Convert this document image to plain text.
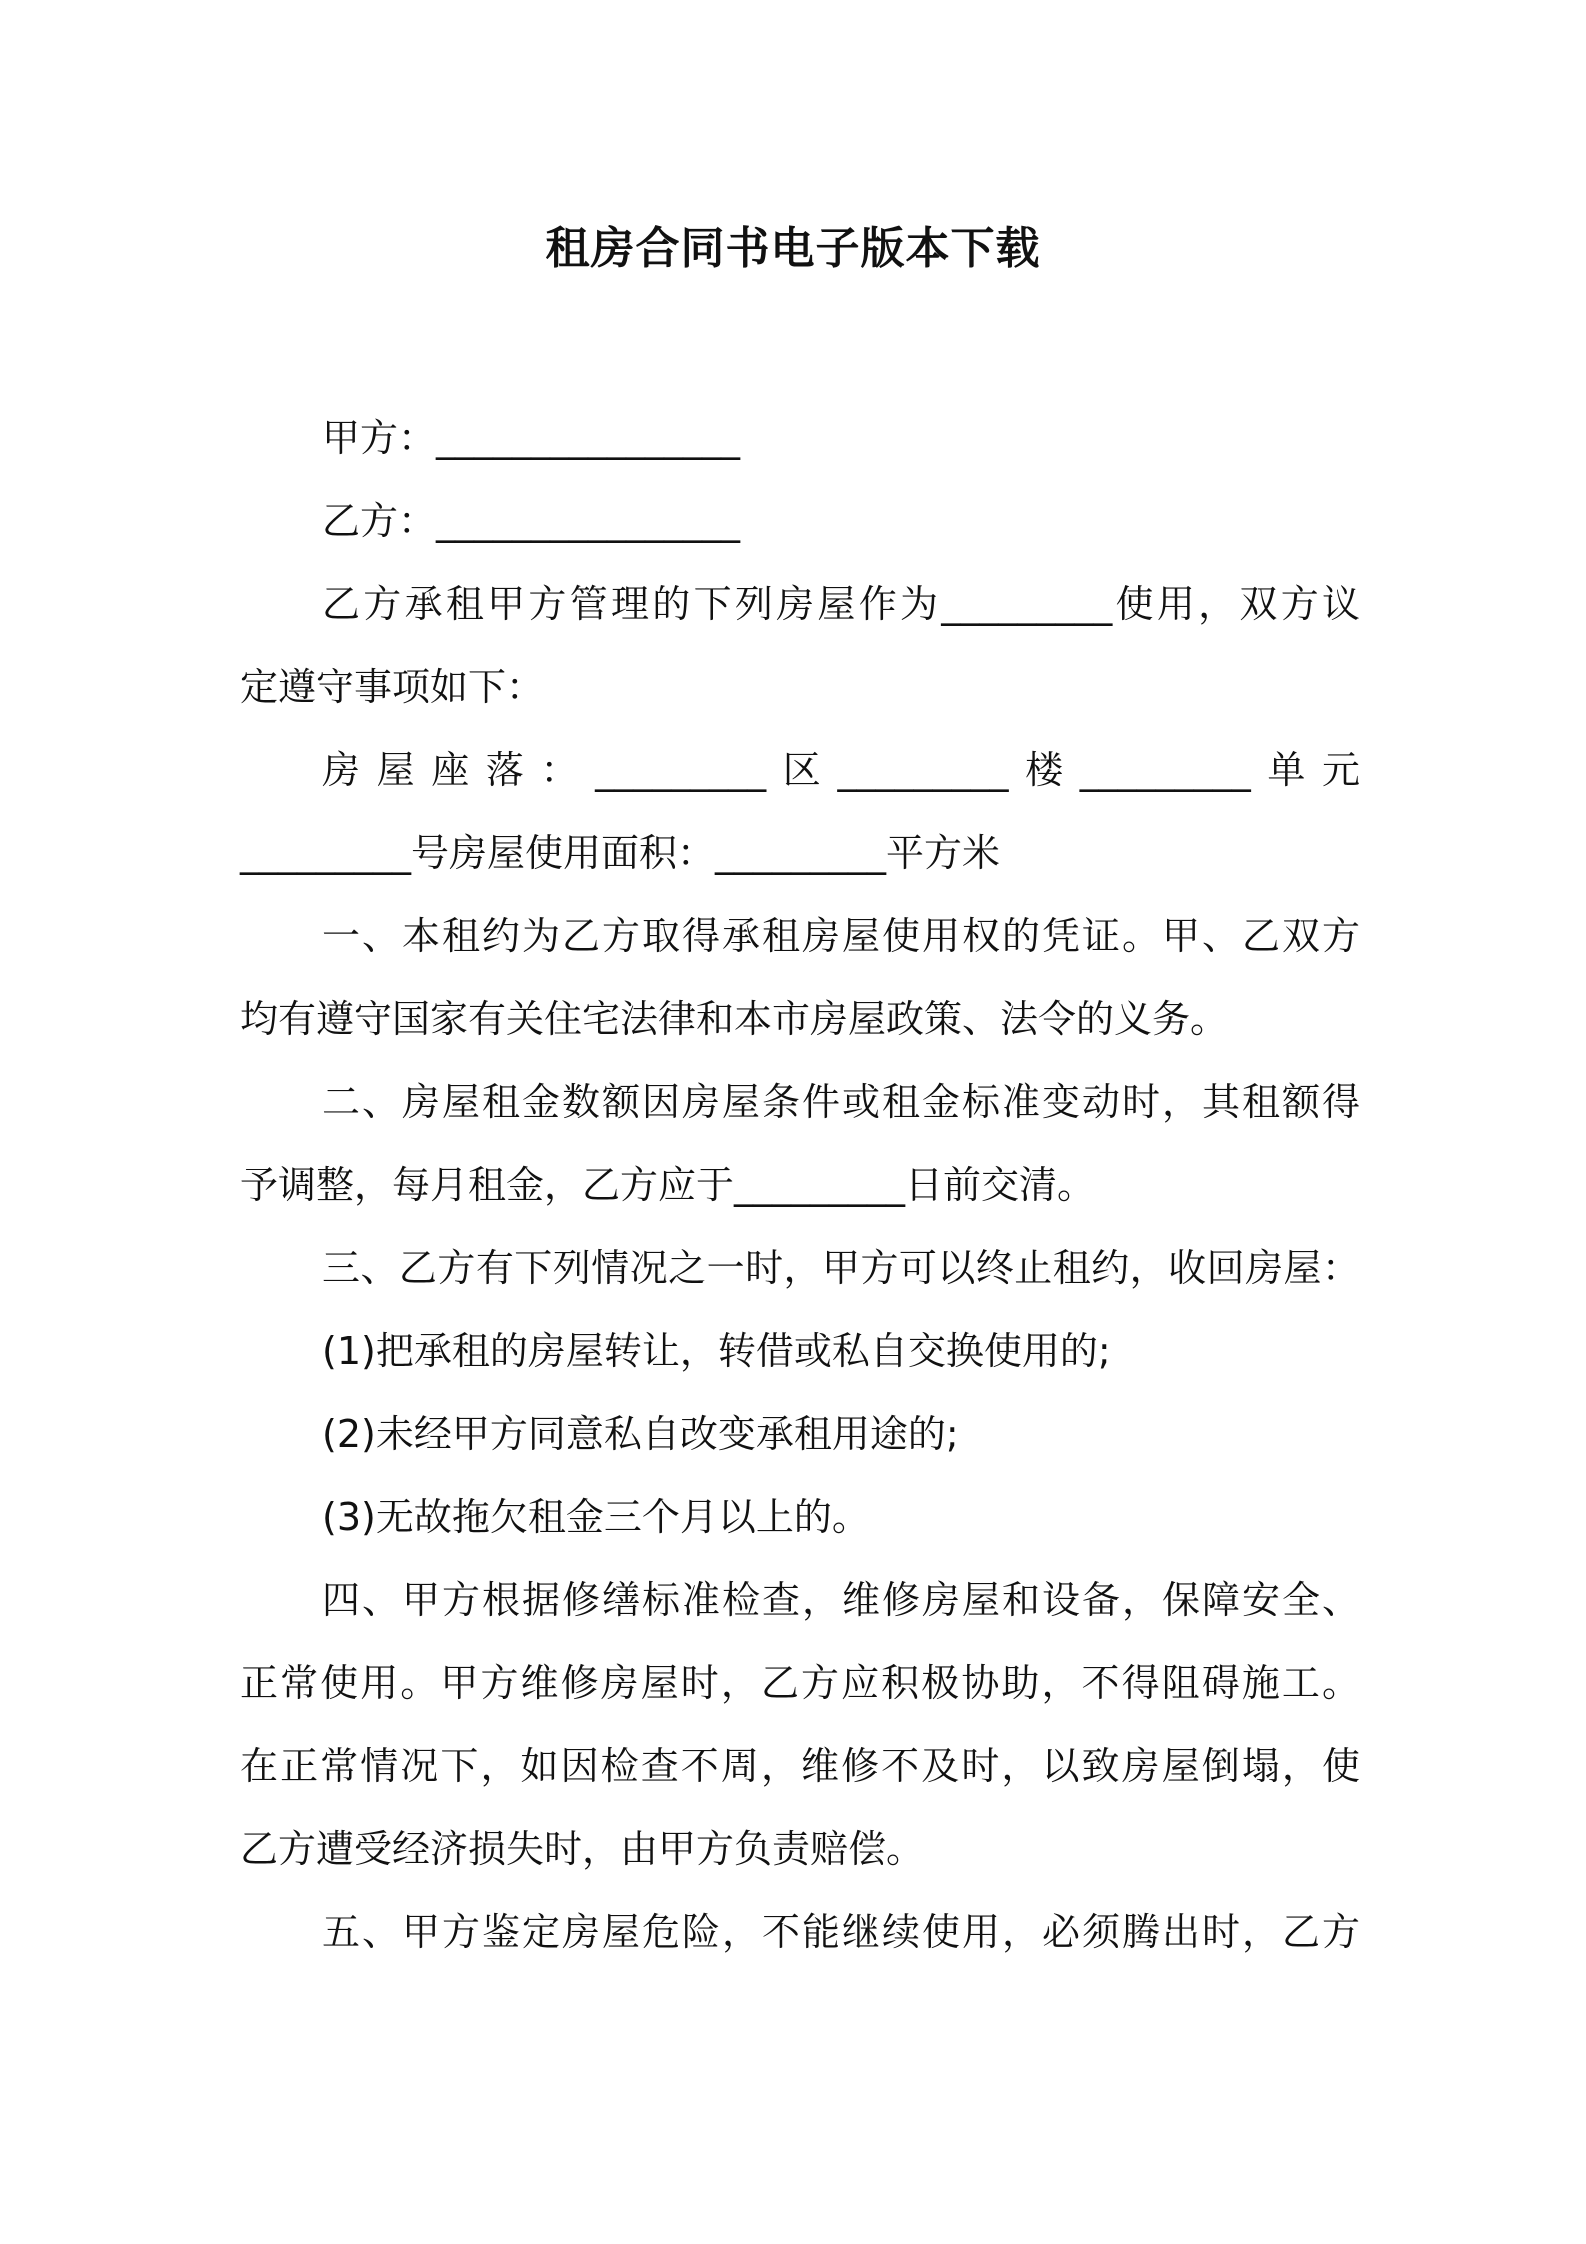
租房合同书电子版本下载
甲方：________________
乙方：________________
乙方承租甲方管理的下列房屋作为_________使用，双方议
定遵守事项如下：
房屋座落：_________区_________楼_________单元
_________号房屋使用面积：_________平方米
一、本租约为乙方取得承租房屋使用权的凭证。甲、乙双方
均有遵守国家有关住宅法律和本市房屋政策、法令的义务。
二、房屋租金数额因房屋条件或租金标准变动时，其租额得
予调整，每月租金，乙方应于_________日前交清。
三、乙方有下列情况之一时，甲方可以终止租约，收回房屋：
(1)把承租的房屋转让，转借或私自交换使用的;
(2)未经甲方同意私自改变承租用途的;
(3)无故拖欠租金三个月以上的。
四、甲方根据修缮标准检查，维修房屋和设备，保障安全、
正常使用。甲方维修房屋时，乙方应积极协助，不得阻碍施工。
在正常情况下，如因检查不周，维修不及时，以致房屋倒塌，使
乙方遭受经济损失时，由甲方负责赔偿。
五、甲方鉴定房屋危险，不能继续使用，必须腾出时，乙方
